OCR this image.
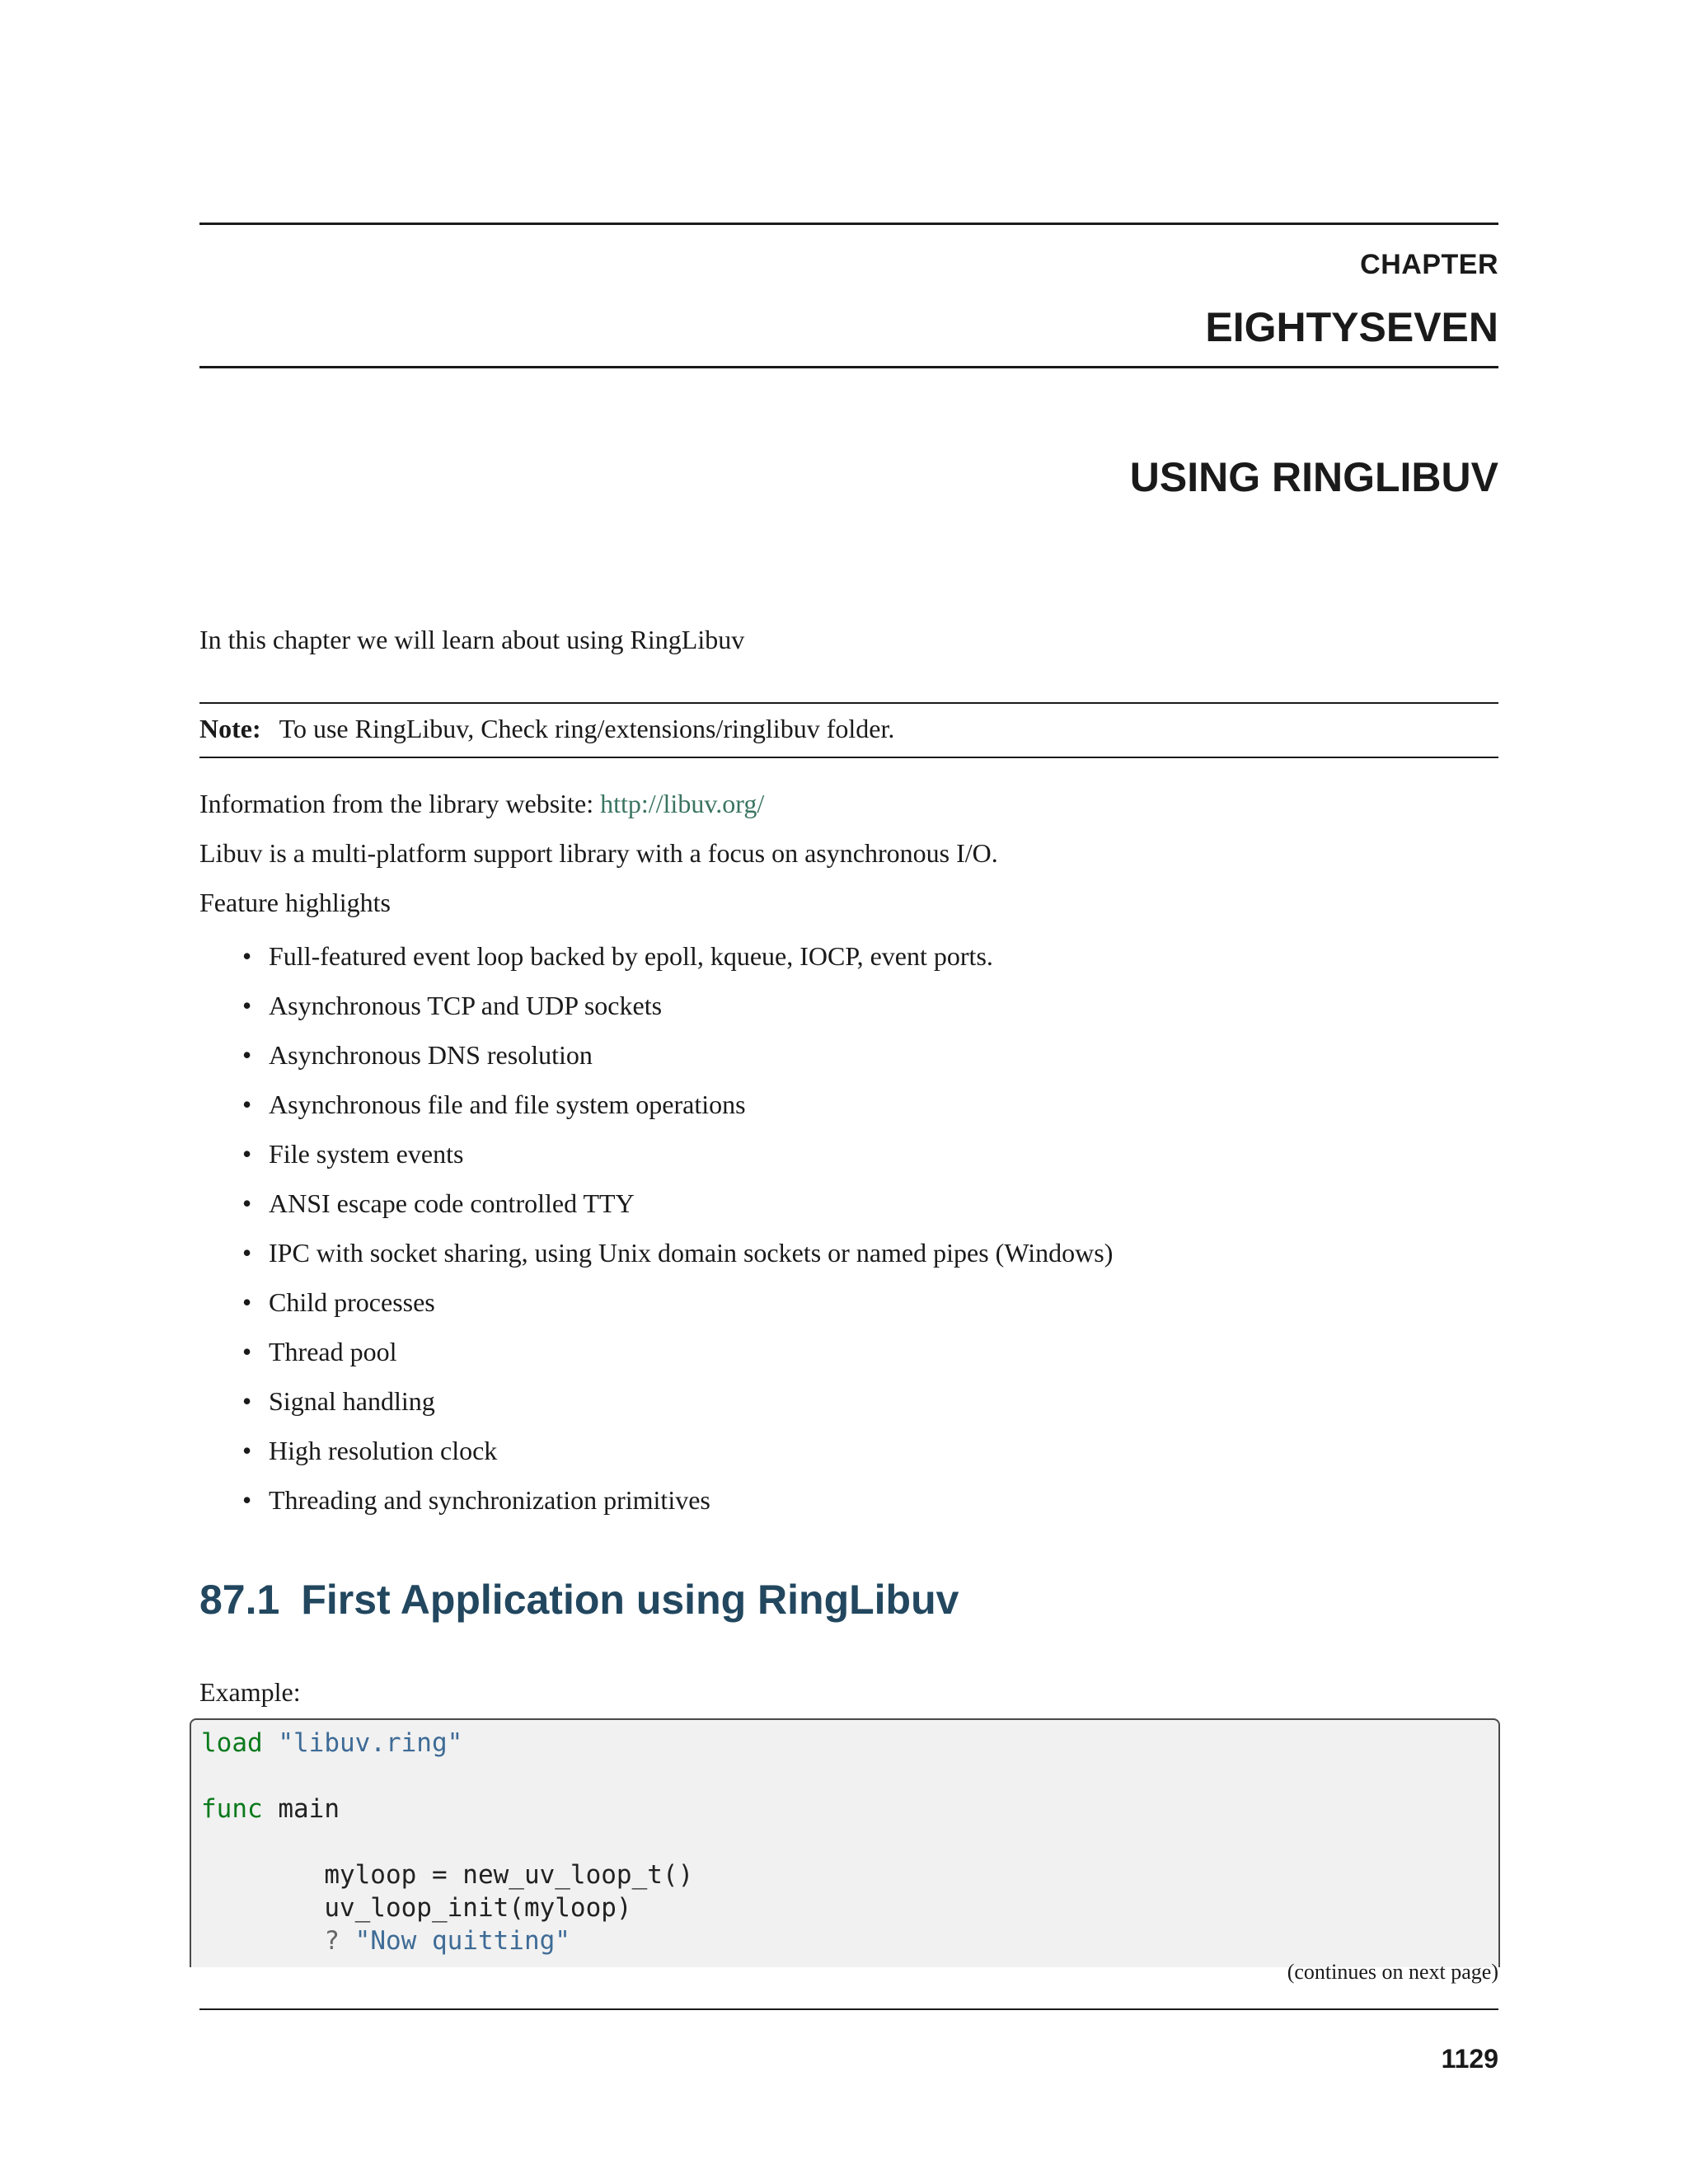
CHAPTER
EIGHTYSEVEN
USING RINGLIBUV
In this chapter we will learn about using RingLibuv
Note: To use RingLibuv, Check ring/extensions/ringlibuv folder.
Information from the library website: http://libuv.org/
Libuv is a multi-platform support library with a focus on asynchronous I/O.
Feature highlights
• Full-featured event loop backed by epoll, kqueue, IOCP, event ports.
• Asynchronous TCP and UDP sockets
• Asynchronous DNS resolution
• Asynchronous file and file system operations
• File system events
• ANSI escape code controlled TTY
• IPC with socket sharing, using Unix domain sockets or named pipes (Windows)
• Child processes
• Thread pool
• Signal handling
• High resolution clock
• Threading and synchronization primitives
87.1 First Application using RingLibuv
Example:
load "libuv.ring"

func main

myloop = new_uv_loop_t()
uv_loop_init(myloop)
? "Now quitting"
(continues on next page)
1129
